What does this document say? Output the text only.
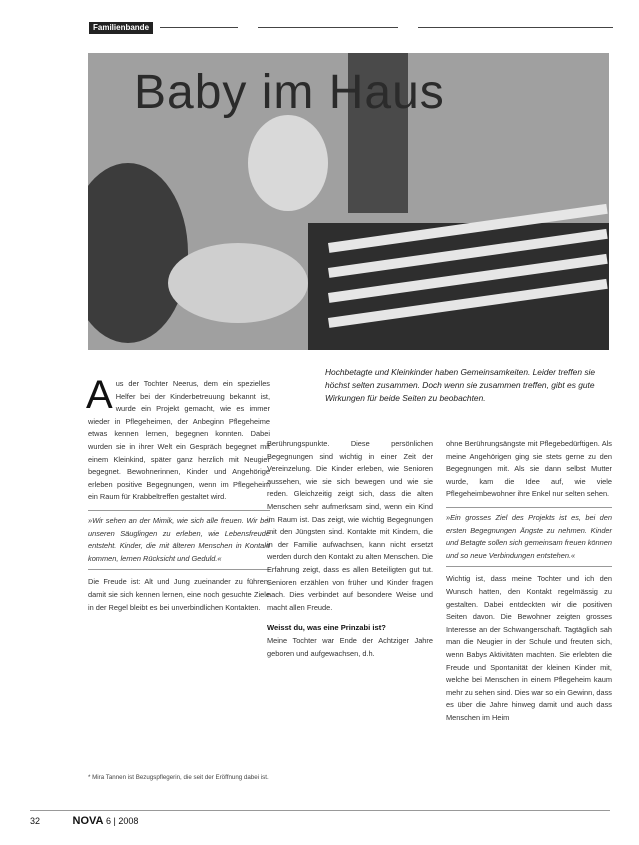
Familienbande
Baby im Haus
Hochbetagte und Kleinkinder haben Gemeinsamkeiten. Leider treffen sie höchst selten zusammen. Doch wenn sie zusammen treffen, gibt es gute Wirkungen für beide Seiten zu beobachten.
A us der Tochter Neerus, dem ein spezielles Helfer bei der Kinderbetreuung bekannt ist, wurde ein Projekt gemacht, wie es immer wieder in Pflegeheimen, der Anbeginn Pflegeheime etwas kennen lernen, begegnen konnten. Dabei wurden sie in ihrer Welt ein Gespräch begegnet mit einem Kleinkind, später ganz herzlich mit Neugier begegnet. Bewohnerinnen, Kinder und Angehörige erleben positive Begegnungen, wenn im Pflegeheim ein Raum für Krabbeltreffen gestaltet wird.
»Wir sehen an der Mimik, wie sich alle freuen. Wir bei unseren Säuglingen zu erleben, wie Lebensfreude entsteht. Kinder, die mit älteren Menschen in Kontakt kommen, lernen Rücksicht und Geduld.«
Die Freude ist: Alt und Jung zueinander zu führen, damit sie sich kennen lernen, eine noch gesuchte Ziele in der Regel bleibt es bei unverbindlichen Kontakten.
* Mira Tannen ist Bezugspflegerin, die seit der Eröffnung dabei ist.
Berührungspunkte. Diese persönlichen Begegnungen sind wichtig in einer Zeit der Vereinzelung. Die Kinder erleben, wie Senioren aussehen, wie sie sich bewegen und wie sie reden. Gleichzeitig zeigt sich, dass die alten Menschen sehr aufmerksam sind, wenn ein Kind im Raum ist. Das zeigt, wie wichtig Begegnungen mit den Jüngsten sind. Kontakte mit Kindern, die in der Familie aufwachsen, kann nicht ersetzt werden durch den Kontakt zu alten Menschen. Die Erfahrung zeigt, dass es allen Beteiligten gut tut. Senioren erzählen von früher und Kinder fragen nach. Dies verbindet auf besondere Weise und macht allen Freude.
Weisst du, was eine Prinzabi ist?
Meine Tochter war Ende der Achtziger Jahre geboren und aufgewachsen, d.h.
ohne Berührungsängste mit Pflegebedürftigen. Als meine Angehörigen ging sie stets gerne zu den Begegnungen mit. Als sie dann selbst Mutter wurde, kam die Idee auf, wie viele Pflegeheimbewohner ihre Enkel nur selten sehen.
»Ein grosses Ziel des Projekts ist es, bei den ersten Begegnungen Ängste zu nehmen. Kinder und Betagte sollen sich gemeinsam freuen können und so neue Verbindungen entstehen.«
Wichtig ist, dass meine Tochter und ich den Wunsch hatten, den Kontakt regelmässig zu gestalten. Dabei entdeckten wir die positiven Seiten davon. Die Bewohner zeigten grosses Interesse an der Schwangerschaft. Tagtäglich sah man die Neugier in der Schule und freuten sich, wenn Babys Aktivitäten machten. Sie erlebten die Freude und Spontanität der kleinen Kinder mit, welche bei Menschen in einem Pflegeheim kaum mehr zu sehen sind. Dies war so ein Gewinn, dass es über die Jahre hinweg damit und auch dass Menschen im Heim
32	NOVA 6 | 2008
